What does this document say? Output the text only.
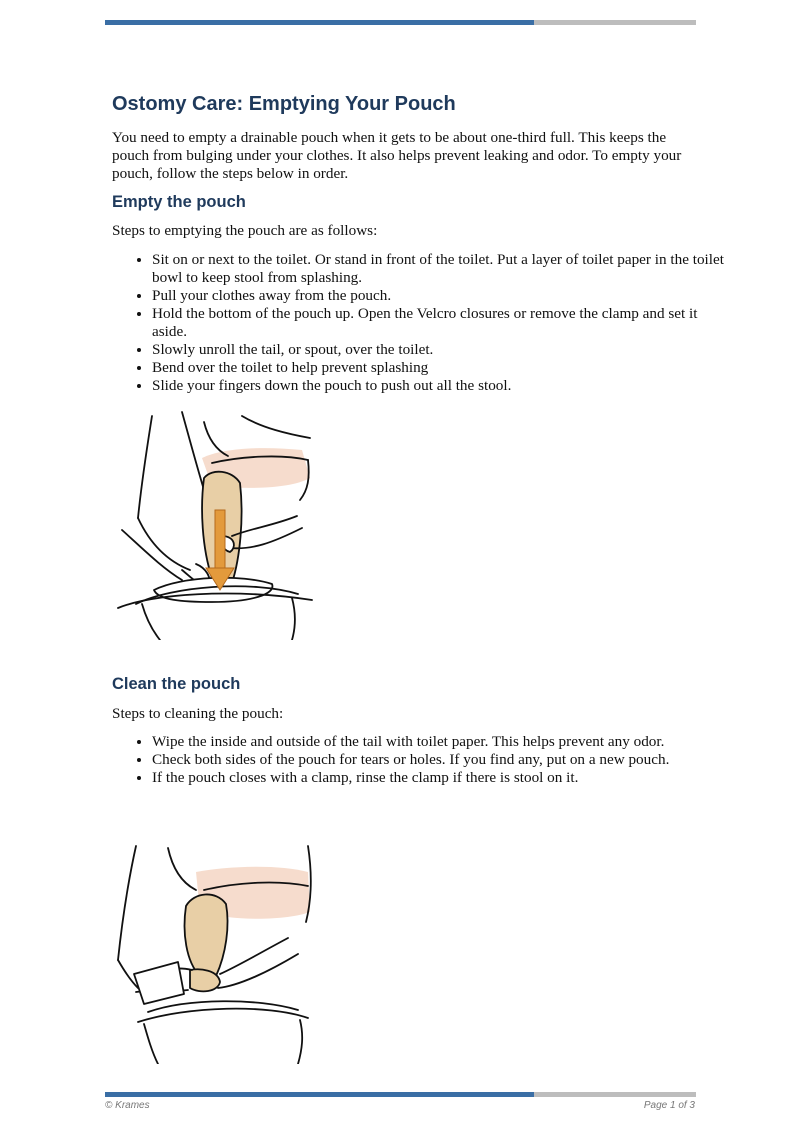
Ostomy Care: Emptying Your Pouch

You need to empty a drainable pouch when it gets to be about one-third full. This keeps the pouch from bulging under your clothes. It also helps prevent leaking and odor. To empty your pouch, follow the steps below in order.

Empty the pouch

Steps to emptying the pouch are as follows:

• Sit on or next to the toilet. Or stand in front of the toilet. Put a layer of toilet paper in the toilet bowl to keep stool from splashing.
• Pull your clothes away from the pouch.
• Hold the bottom of the pouch up. Open the Velcro closures or remove the clamp and set it aside.
• Slowly unroll the tail, or spout, over the toilet.
• Bend over the toilet to help prevent splashing
• Slide your fingers down the pouch to push out all the stool.
Clean the pouch

Steps to cleaning the pouch:

• Wipe the inside and outside of the tail with toilet paper. This helps prevent any odor.
• Check both sides of the pouch for tears or holes. If you find any, put on a new pouch.
• If the pouch closes with a clamp, rinse the clamp if there is stool on it.
© Krames	Page 1 of 3
